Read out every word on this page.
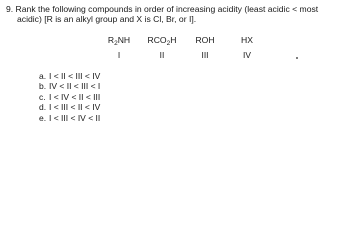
9. Rank the following compounds in order of increasing acidity (least acidic < most
acidic) [R is an alkyl group and X is Cl, Br, or I].
$R_2NH$
I
$RCO_2H$
II
ROH
III
HX
IV
a. I < II < III < IV
b. IV < II < III < I
c. I < IV < II < III
d. I < III < II < IV
e. I < III < IV < II
